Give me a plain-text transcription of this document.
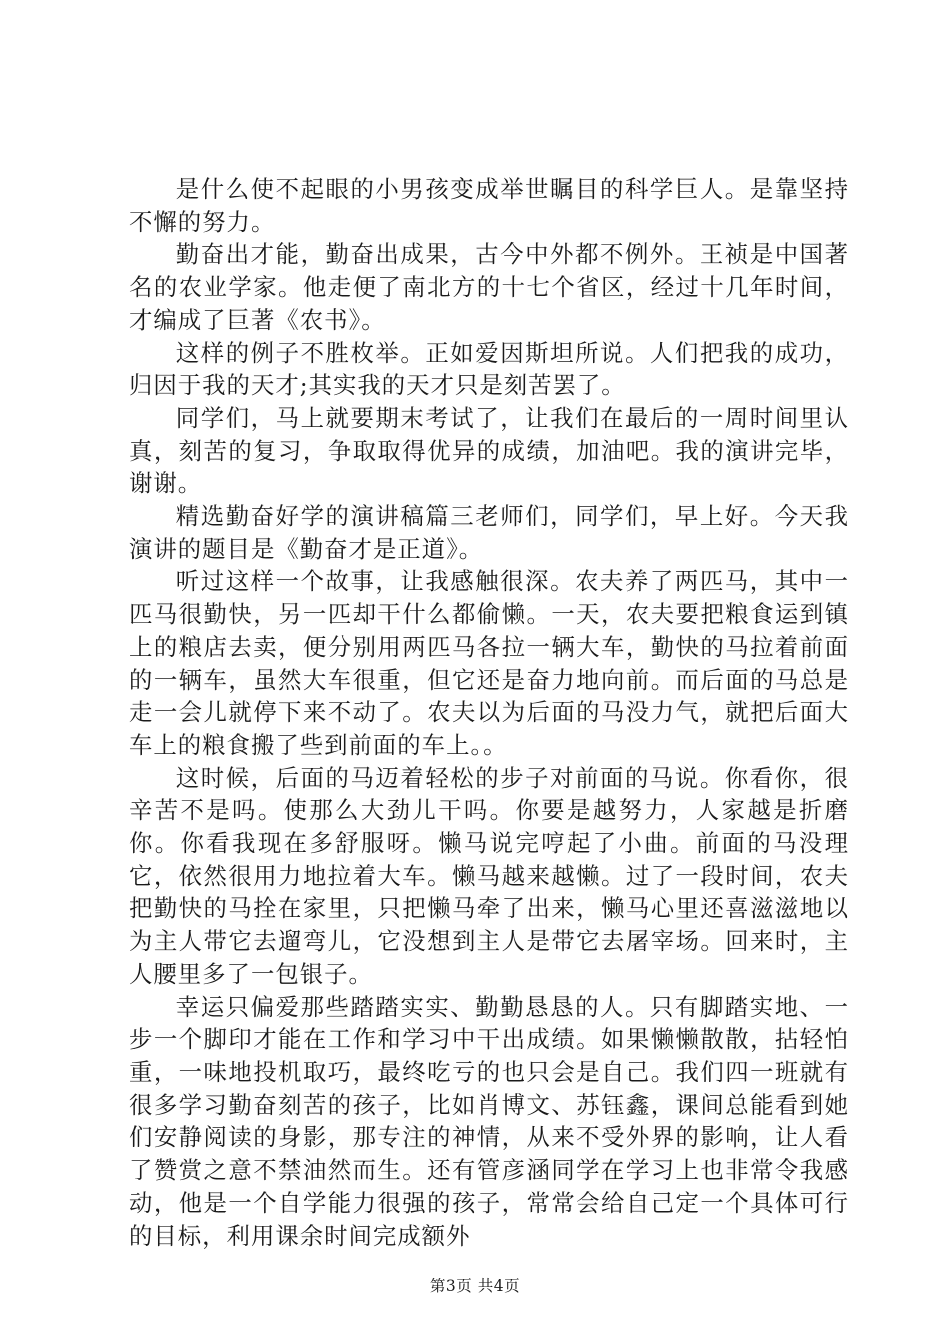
是什么使不起眼的小男孩变成举世瞩目的科学巨人。是靠坚持不懈的努力。

勤奋出才能，勤奋出成果，古今中外都不例外。王祯是中国著名的农业学家。他走便了南北方的十七个省区，经过十几年时间，才编成了巨著《农书》。

这样的例子不胜枚举。正如爱因斯坦所说。人们把我的成功，归因于我的天才;其实我的天才只是刻苦罢了。

同学们，马上就要期末考试了，让我们在最后的一周时间里认真，刻苦的复习，争取取得优异的成绩，加油吧。我的演讲完毕，谢谢。

精选勤奋好学的演讲稿篇三老师们，同学们，早上好。今天我演讲的题目是《勤奋才是正道》。

听过这样一个故事，让我感触很深。农夫养了两匹马，其中一匹马很勤快，另一匹却干什么都偷懒。一天，农夫要把粮食运到镇上的粮店去卖，便分别用两匹马各拉一辆大车，勤快的马拉着前面的一辆车，虽然大车很重，但它还是奋力地向前。而后面的马总是走一会儿就停下来不动了。农夫以为后面的马没力气，就把后面大车上的粮食搬了些到前面的车上。。

这时候，后面的马迈着轻松的步子对前面的马说。你看你，很辛苦不是吗。使那么大劲儿干吗。你要是越努力，人家越是折磨你。你看我现在多舒服呀。懒马说完哼起了小曲。前面的马没理它，依然很用力地拉着大车。懒马越来越懒。过了一段时间，农夫把勤快的马拴在家里，只把懒马牵了出来，懒马心里还喜滋滋地以为主人带它去遛弯儿，它没想到主人是带它去屠宰场。回来时，主人腰里多了一包银子。

幸运只偏爱那些踏踏实实、勤勤恳恳的人。只有脚踏实地、一步一个脚印才能在工作和学习中干出成绩。如果懒懒散散，拈轻怕重，一味地投机取巧，最终吃亏的也只会是自己。我们四一班就有很多学习勤奋刻苦的孩子，比如肖博文、苏钰鑫，课间总能看到她们安静阅读的身影，那专注的神情，从来不受外界的影响，让人看了赞赏之意不禁油然而生。还有管彦涵同学在学习上也非常令我感动，他是一个自学能力很强的孩子，常常会给自己定一个具体可行的目标，利用课余时间完成额外

第3页 共4页
